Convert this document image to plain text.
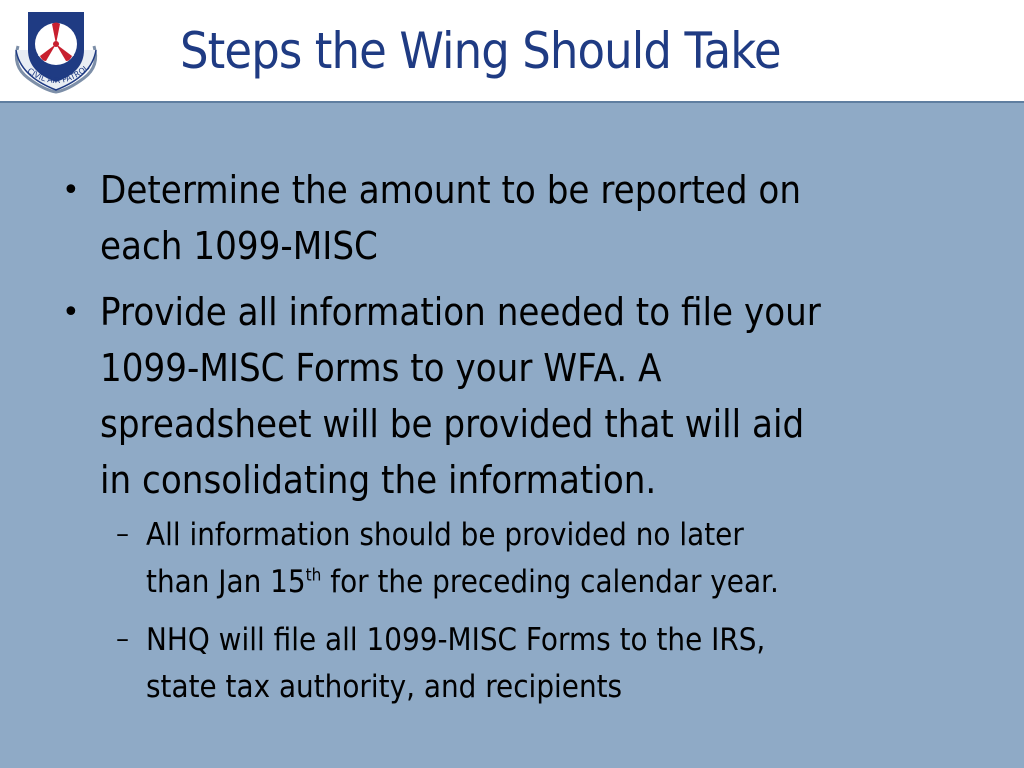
CIVIL AIR PATROL Steps the Wing Should Take
• Determine the amount to be reported on
each 1099-MISC
• Provide all information needed to file your
1099-MISC Forms to your WFA. A
spreadsheet will be provided that will aid
in consolidating the information.
– All information should be provided no later
than Jan 15th for the preceding calendar year.
– NHQ will file all 1099-MISC Forms to the IRS,
state tax authority, and recipients
